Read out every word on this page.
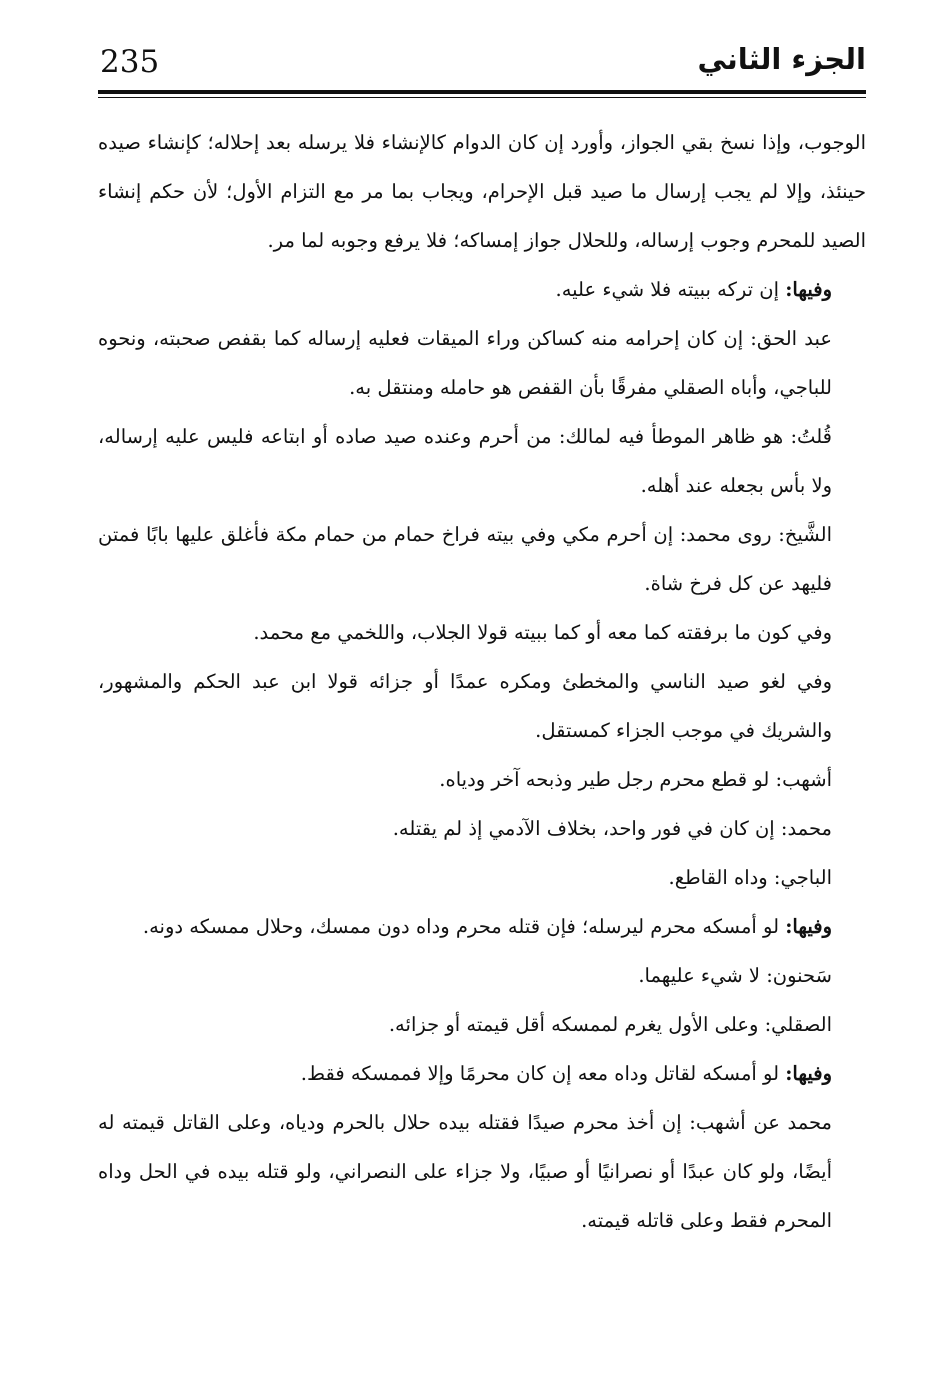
235	الجزء الثاني

الوجوب، وإذا نسخ بقي الجواز، وأورد إن كان الدوام كالإنشاء فلا يرسله بعد إحلاله؛ كإنشاء صيده حينئذ، وإلا لم يجب إرسال ما صيد قبل الإحرام، ويجاب بما مر مع التزام الأول؛ لأن حكم إنشاء الصيد للمحرم وجوب إرساله، وللحلال جواز إمساكه؛ فلا يرفع وجوبه لما مر.

وفيها: إن تركه ببيته فلا شيء عليه.

عبد الحق: إن كان إحرامه منه كساكن وراء الميقات فعليه إرساله كما بقفص صحبته، ونحوه للباجي، وأباه الصقلي مفرقًا بأن القفص هو حامله ومنتقل به.

قُلتُ: هو ظاهر الموطأ فيه لمالك: من أحرم وعنده صيد صاده أو ابتاعه فليس عليه إرساله، ولا بأس بجعله عند أهله.

الشَّيخ: روى محمد: إن أحرم مكي وفي بيته فراخ حمام من حمام مكة فأغلق عليها بابًا فمتن فليهد عن كل فرخ شاة.

وفي كون ما برفقته كما معه أو كما ببيته قولا الجلاب، واللخمي مع محمد.

وفي لغو صيد الناسي والمخطئ ومكره عمدًا أو جزائه قولا ابن عبد الحكم والمشهور، والشريك في موجب الجزاء كمستقل.

أشهب: لو قطع محرم رجل طير وذبحه آخر ودياه.

محمد: إن كان في فور واحد، بخلاف الآدمي إذ لم يقتله.

الباجي: وداه القاطع.

وفيها: لو أمسكه محرم ليرسله؛ فإن قتله محرم وداه دون ممسك، وحلال ممسكه دونه.

سَحنون: لا شيء عليهما.

الصقلي: وعلى الأول يغرم لممسكه أقل قيمته أو جزائه.

وفيها: لو أمسكه لقاتل وداه معه إن كان محرمًا وإلا فممسكه فقط.

محمد عن أشهب: إن أخذ محرم صيدًا فقتله بيده حلال بالحرم ودياه، وعلى القاتل قيمته له أيضًا، ولو كان عبدًا أو نصرانيًا أو صبيًا، ولا جزاء على النصراني، ولو قتله بيده في الحل وداه المحرم فقط وعلى قاتله قيمته.
